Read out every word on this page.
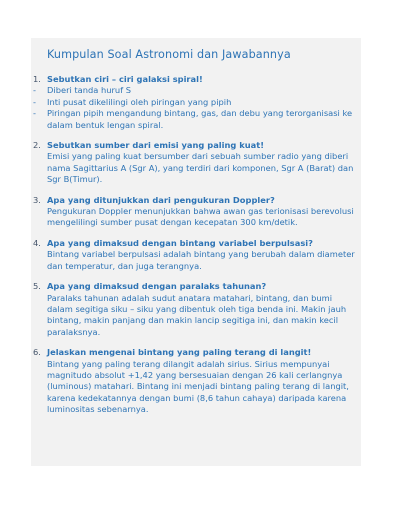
Kumpulan Soal Astronomi dan Jawabannya
1. Sebutkan ciri – ciri galaksi spiral!
-	Diberi tanda huruf S
-	Inti pusat dikelilingi oleh piringan yang pipih
-	Piringan pipih mengandung bintang, gas, dan debu yang terorganisasi ke dalam bentuk lengan spiral.
2. Sebutkan sumber dari emisi yang paling kuat!
Emisi yang paling kuat bersumber dari sebuah sumber radio yang diberi nama Sagittarius A (Sgr A), yang terdiri dari komponen, Sgr A (Barat) dan Sgr B(Timur).
3. Apa yang ditunjukkan dari pengukuran Doppler?
Pengukuran Doppler menunjukkan bahwa awan gas terionisasi berevolusi mengelilingi sumber pusat dengan kecepatan 300 km/detik.
4. Apa yang dimaksud dengan bintang variabel berpulsasi?
Bintang variabel berpulsasi adalah bintang yang berubah dalam diameter dan temperatur, dan juga terangnya.
5. Apa yang dimaksud dengan paralaks tahunan?
Paralaks tahunan adalah sudut anatara matahari, bintang, dan bumi dalam segitiga siku – siku yang dibentuk oleh tiga benda ini. Makin jauh bintang, makin panjang dan makin lancip segitiga ini, dan makin kecil paralaksnya.
6. Jelaskan mengenai bintang yang paling terang di langit!
Bintang yang paling terang dilangit adalah sirius. Sirius mempunyai magnitudo absolut +1,42 yang bersesuaian dengan 26 kali cerlangnya (luminous) matahari. Bintang ini menjadi bintang paling terang di langit, karena kedekatannya dengan bumi (8,6 tahun cahaya) daripada karena luminositas sebenarnya.
